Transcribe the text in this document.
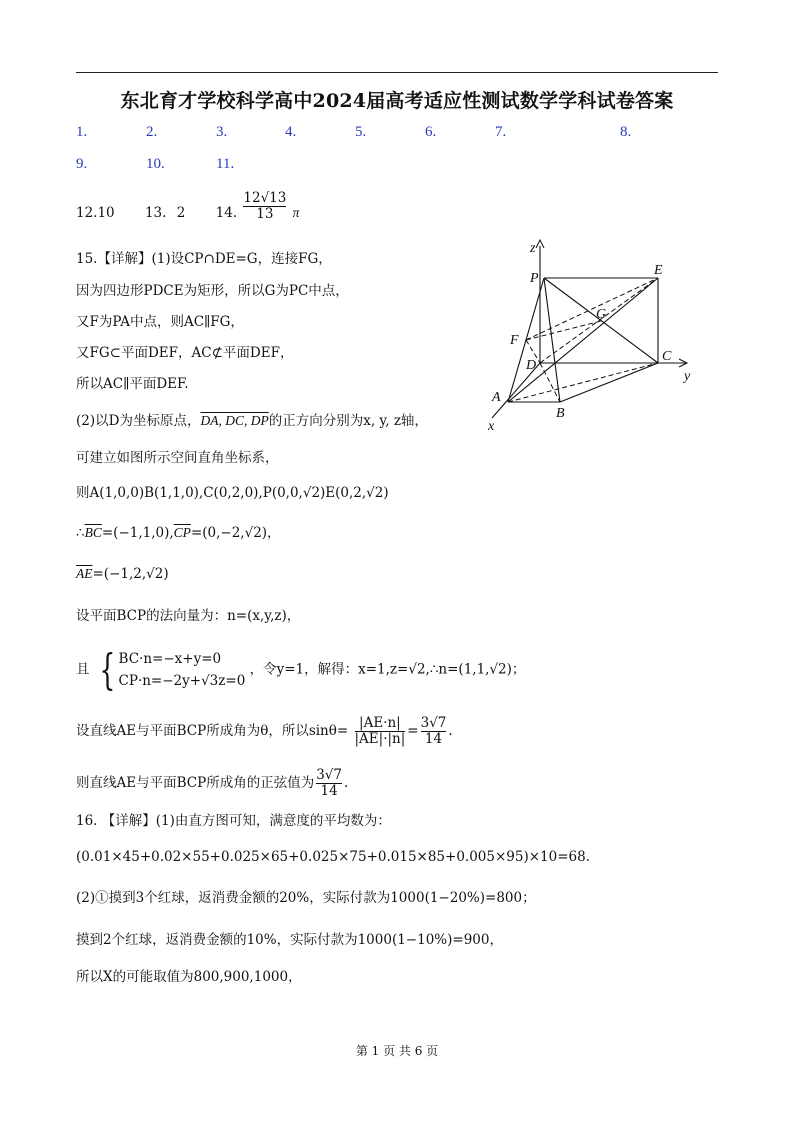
东北育才学校科学高中2024届高考适应性测试数学学科试卷答案
1.	2.	3.	4.	5.	6.	7.	8.
9.	10.	11.
12.10 13. 2 14. $\frac{12√13}{13}$ π
15.【详解】(1)设CP∩DE=G，连接FG，
因为四边形PDCE为矩形，所以G为PC中点，
又F为PA中点，则AC∥FG，
又FG⊂平面DEF，AC⊄平面DEF，
所以AC∥平面DEF.
(2)以D为坐标原点，DA, DC, DP的正方向分别为x, y, z轴，
可建立如图所示空间直角坐标系，
则A(1,0,0)B(1,1,0),C(0,2,0),P(0,0,√2)E(0,2,√2)
$\therefore\overline{BC}=(-1,1,0),\overline{CP}=(0,-2,√2)$，
$\overline{AE}=(-1,2,√2)$
设平面BCP的法向量为：n=(x,y,z)，
且 { BC·n=−x+y=0
CP·n=−2y+√3z=0
，令y=1，解得：x=1,z=√2,∴n=(1,1,√2)；
设直线AE与平面BCP所成角为θ，所以$\sin\theta= \frac{|AE\cdot n|}{|AE|\cdot|n|} = \frac{3√7}{14}$ .
则直线AE与平面BCP所成角的正弦值为 $\frac{3√7}{14}$ .
16. 【详解】(1)由直方图可知，满意度的平均数为：
(0.01×45+0.02×55+0.025×65+0.025×75+0.015×85+0.005×95)×10=68.
(2)①摸到3个红球，返消费金额的20%，实际付款为1000(1−20%)=800；
摸到2个红球，返消费金额的10%，实际付款为1000(1−10%)=900，
所以X的可能取值为800,900,1000，
z
P
E
G
F
D
C
y
A
B
x
第 1 页 共 6 页
